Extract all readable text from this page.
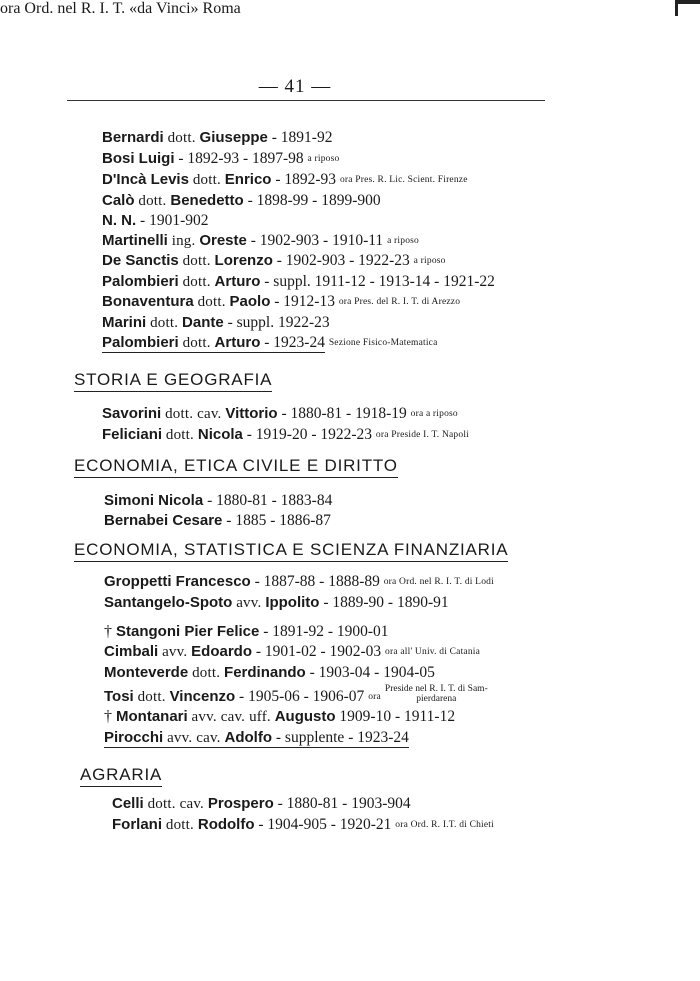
— 41 —
Bernardi dott. Giuseppe - 1891-92
Bosi Luigi - 1892-93 - 1897-98 a riposo
D'Incà Levis dott. Enrico - 1892-93 ora Pres. R. Lic. Scient. Firenze
Calò dott. Benedetto - 1898-99 - 1899-900
N. N. - 1901-902
Martinelli ing. Oreste - 1902-903 - 1910-11 a riposo
De Sanctis dott. Lorenzo - 1902-903 - 1922-23 a riposo
Palombieri dott. Arturo - suppl. 1911-12 - 1913-14 - 1921-22
Bonaventura dott. Paolo - 1912-13 ora Pres. del R. I. T. di Arezzo
Marini dott. Dante - suppl. 1922-23
Palombieri dott. Arturo - 1923-24 Sezione Fisico-Matematica
STORIA E GEOGRAFIA
Savorini dott. cav. Vittorio - 1880-81 - 1918-19 ora a riposo
Feliciani dott. Nicola - 1919-20 - 1922-23 ora Preside I. T. Napoli
ECONOMIA, ETICA CIVILE E DIRITTO
Simoni Nicola - 1880-81 - 1883-84
Bernabei Cesare - 1885 - 1886-87
ECONOMIA, STATISTICA E SCIENZA FINANZIARIA
Groppetti Francesco - 1887-88 - 1888-89 ora Ord. nel R. I. T. di Lodi
Santangelo-Spoto avv. Ippolito - 1889-90 - 1890-91
ora Ord. nel R. I. T. «da Vinci» Roma
† Stangoni Pier Felice - 1891-92 - 1900-01
Cimbali avv. Edoardo - 1901-02 - 1902-03 ora all' Univ. di Catania
Monteverde dott. Ferdinando - 1903-04 - 1904-05
Tosi dott. Vincenzo - 1905-06 - 1906-07 oraPreside nel R. I. T. di Sam-
pierdarena
† Montanari avv. cav. uff. Augusto 1909-10 - 1911-12
Pirocchi avv. cav. Adolfo - supplente - 1923-24
AGRARIA
Celli dott. cav. Prospero - 1880-81 - 1903-904
Forlani dott. Rodolfo - 1904-905 - 1920-21 ora Ord. R. I.T. di Chieti
